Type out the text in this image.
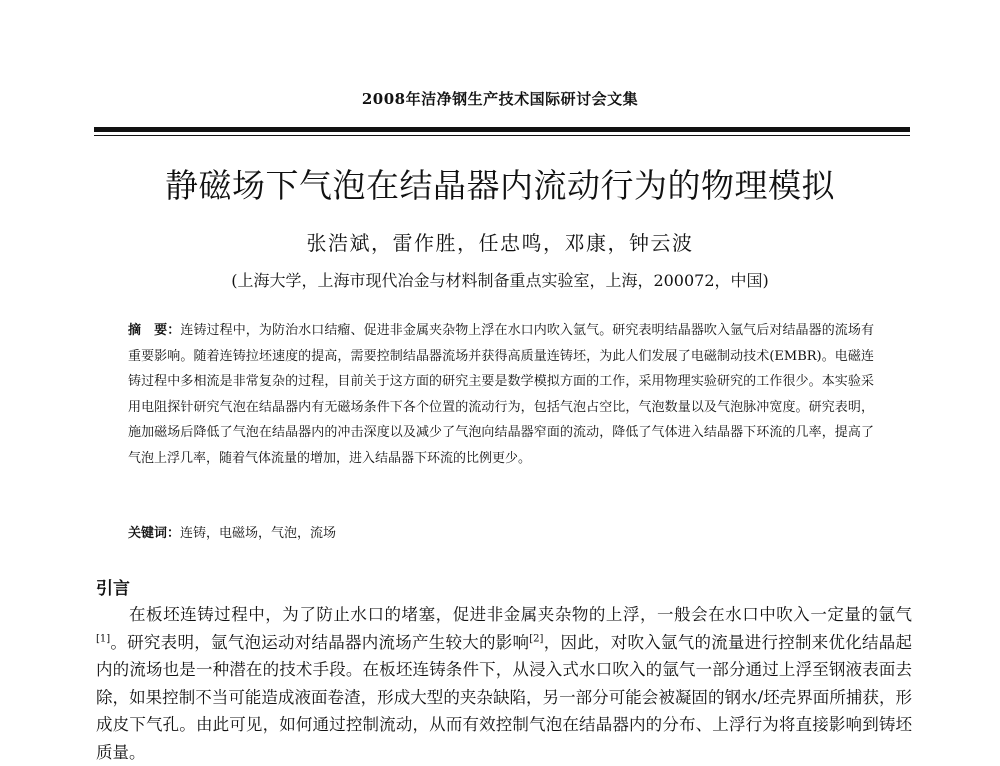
2008年洁净钢生产技术国际研讨会文集
静磁场下气泡在结晶器内流动行为的物理模拟
张浩斌，雷作胜，任忠鸣，邓康，钟云波
(上海大学，上海市现代冶金与材料制备重点实验室，上海，200072，中国)
摘　要：连铸过程中，为防治水口结瘤、促进非金属夹杂物上浮在水口内吹入氩气。研究表明结晶器吹入氩气后对结晶器的流场有重要影响。随着连铸拉坯速度的提高，需要控制结晶器流场并获得高质量连铸坯，为此人们发展了电磁制动技术(EMBR)。电磁连铸过程中多相流是非常复杂的过程，目前关于这方面的研究主要是数学模拟方面的工作，采用物理实验研究的工作很少。本实验采用电阻探针研究气泡在结晶器内有无磁场条件下各个位置的流动行为，包括气泡占空比，气泡数量以及气泡脉冲宽度。研究表明，施加磁场后降低了气泡在结晶器内的冲击深度以及减少了气泡向结晶器窄面的流动，降低了气体进入结晶器下环流的几率，提高了气泡上浮几率，随着气体流量的增加，进入结晶器下环流的比例更少。
关键词：连铸，电磁场，气泡，流场
引言
在板坯连铸过程中，为了防止水口的堵塞，促进非金属夹杂物的上浮，一般会在水口中吹入一定量的氩气[1]。研究表明，氩气泡运动对结晶器内流场产生较大的影响[2]，因此，对吹入氩气的流量进行控制来优化结晶起内的流场也是一种潜在的技术手段。在板坯连铸条件下，从浸入式水口吹入的氩气一部分通过上浮至钢液表面去除，如果控制不当可能造成液面卷渣，形成大型的夹杂缺陷，另一部分可能会被凝固的钢水/坯壳界面所捕获，形成皮下气孔。由此可见，如何通过控制流动，从而有效控制气泡在结晶器内的分布、上浮行为将直接影响到铸坯质量。
